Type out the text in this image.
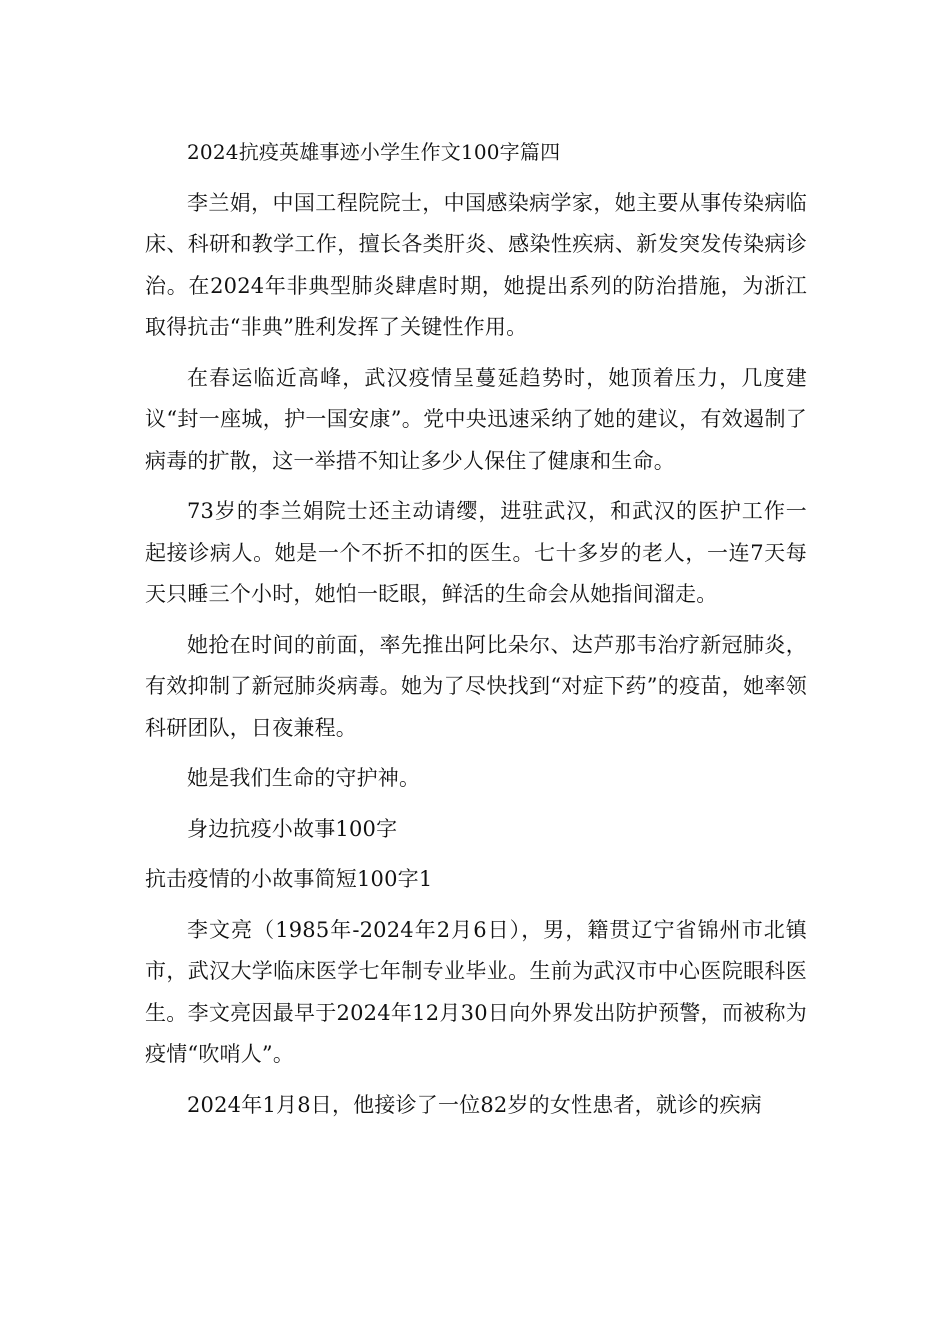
2024抗疫英雄事迹小学生作文100字篇四

李兰娟，中国工程院院士，中国感染病学家，她主要从事传染病临床、科研和教学工作，擅长各类肝炎、感染性疾病、新发突发传染病诊治。在2024年非典型肺炎肆虐时期，她提出系列的防治措施，为浙江取得抗击“非典”胜利发挥了关键性作用。

在春运临近高峰，武汉疫情呈蔓延趋势时，她顶着压力，几度建议“封一座城，护一国安康”。党中央迅速采纳了她的建议，有效遏制了病毒的扩散，这一举措不知让多少人保住了健康和生命。

73岁的李兰娟院士还主动请缨，进驻武汉，和武汉的医护工作一起接诊病人。她是一个不折不扣的医生。七十多岁的老人，一连7天每天只睡三个小时，她怕一眨眼，鲜活的生命会从她指间溜走。

她抢在时间的前面，率先推出阿比朵尔、达芦那韦治疗新冠肺炎，有效抑制了新冠肺炎病毒。她为了尽快找到“对症下药”的疫苗，她率领科研团队，日夜兼程。

她是我们生命的守护神。

身边抗疫小故事100字

抗击疫情的小故事简短100字1

李文亮（1985年-2024年2月6日），男，籍贯辽宁省锦州市北镇市，武汉大学临床医学七年制专业毕业。生前为武汉市中心医院眼科医生。李文亮因最早于2024年12月30日向外界发出防护预警，而被称为疫情“吹哨人”。

2024年1月8日，他接诊了一位82岁的女性患者，就诊的疾病
